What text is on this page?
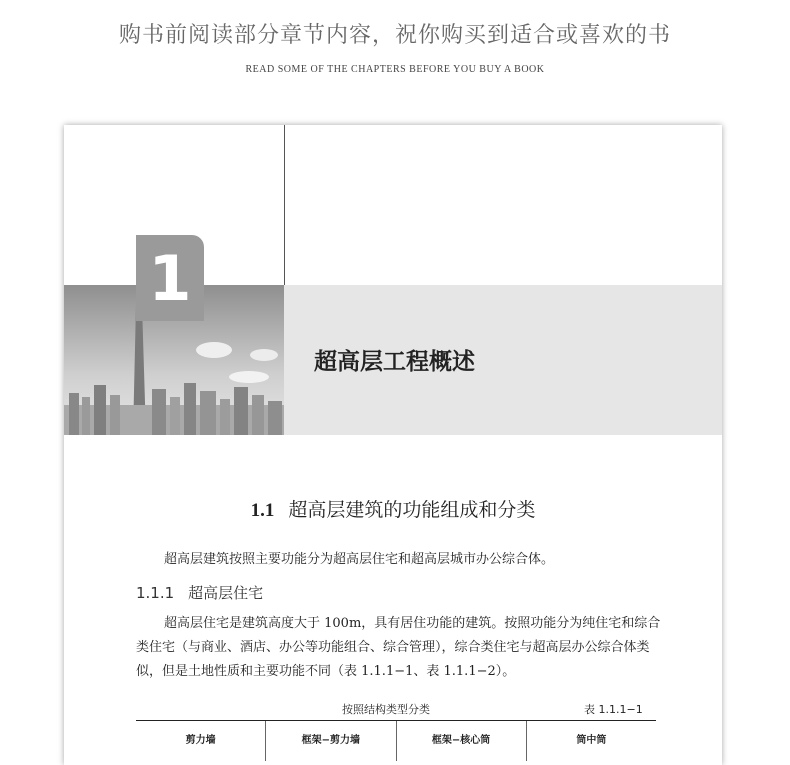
购书前阅读部分章节内容，祝你购买到适合或喜欢的书
READ SOME OF THE CHAPTERS BEFORE YOU BUY A BOOK
1
超高层工程概述
1.1 超高层建筑的功能组成和分类
超高层建筑按照主要功能分为超高层住宅和超高层城市办公综合体。
1.1.1 超高层住宅
超高层住宅是建筑高度大于 100m，具有居住功能的建筑。按照功能分为纯住宅和综合类住宅（与商业、酒店、办公等功能组合、综合管理），综合类住宅与超高层办公综合体类似，但是土地性质和主要功能不同（表 1.1.1−1、表 1.1.1−2）。
按照结构类型分类	表 1.1.1−1
剪力墙	框架−剪力墙	框架−核心筒	筒中筒
